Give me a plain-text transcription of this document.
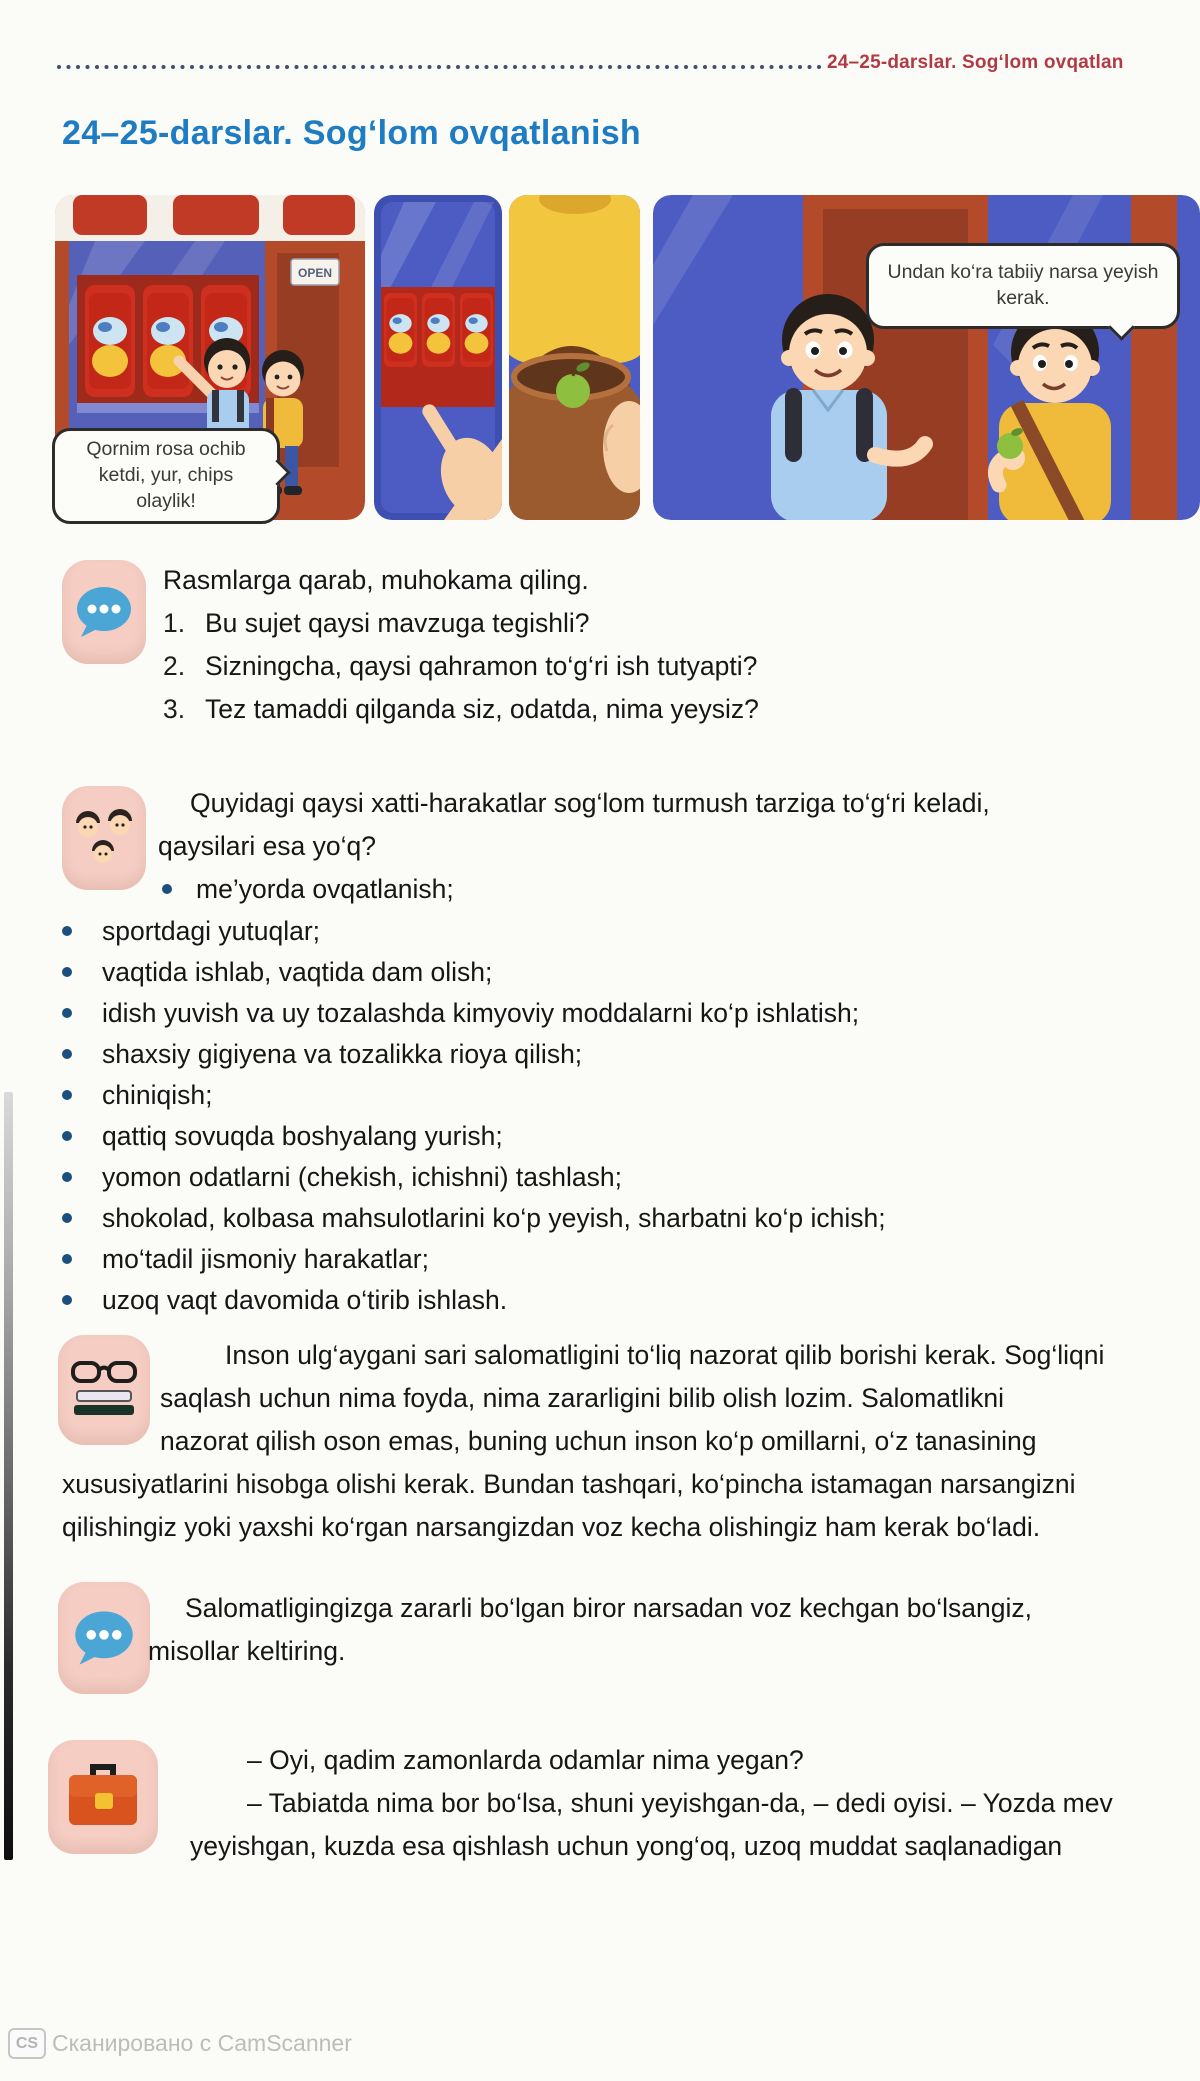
24–25-darslar. Sog‘lom ovqatlan
24–25-darslar. Sog‘lom ovqatlanish
OPEN
Qornim rosa ochib ketdi, yur, chips olaylik!
Undan ko‘ra tabiiy narsa yeyish kerak.
Rasmlarga qarab, muhokama qiling.
1. Bu sujet qaysi mavzuga tegishli?
2. Sizningcha, qaysi qahramon to‘g‘ri ish tutyapti?
3. Tez tamaddi qilganda siz, odatda, nima yeysiz?
Quyidagi qaysi xatti-harakatlar sog‘lom turmush tarziga to‘g‘ri keladi,
qaysilari esa yo‘q?
me’yorda ovqatlanish;
sportdagi yutuqlar;
vaqtida ishlab, vaqtida dam olish;
idish yuvish va uy tozalashda kimyoviy moddalarni ko‘p ishlatish;
shaxsiy gigiyena va tozalikka rioya qilish;
chiniqish;
qattiq sovuqda boshyalang yurish;
yomon odatlarni (chekish, ichishni) tashlash;
shokolad, kolbasa mahsulotlarini ko‘p yeyish, sharbatni ko‘p ichish;
mo‘tadil jismoniy harakatlar;
uzoq vaqt davomida o‘tirib ishlash.
Inson ulg‘aygani sari salomatligini to‘liq nazorat qilib borishi kerak. Sog‘liqni
saqlash uchun nima foyda, nima zararligini bilib olish lozim. Salomatlikni
nazorat qilish oson emas, buning uchun inson ko‘p omillarni, o‘z tanasining
xususiyatlarini hisobga olishi kerak. Bundan tashqari, ko‘pincha istamagan narsangizni
qilishingiz yoki yaxshi ko‘rgan narsangizdan voz kecha olishingiz ham kerak bo‘ladi.
Salomatligingizga zararli bo‘lgan biror narsadan voz kechgan bo‘lsangiz,
misollar keltiring.
– Oyi, qadim zamonlarda odamlar nima yegan?
– Tabiatda nima bor bo‘lsa, shuni yeyishgan-da, – dedi oyisi. – Yozda mev
yeyishgan, kuzda esa qishlash uchun yong‘oq, uzoq muddat saqlanadigan
CS Сканировано с CamScanner
